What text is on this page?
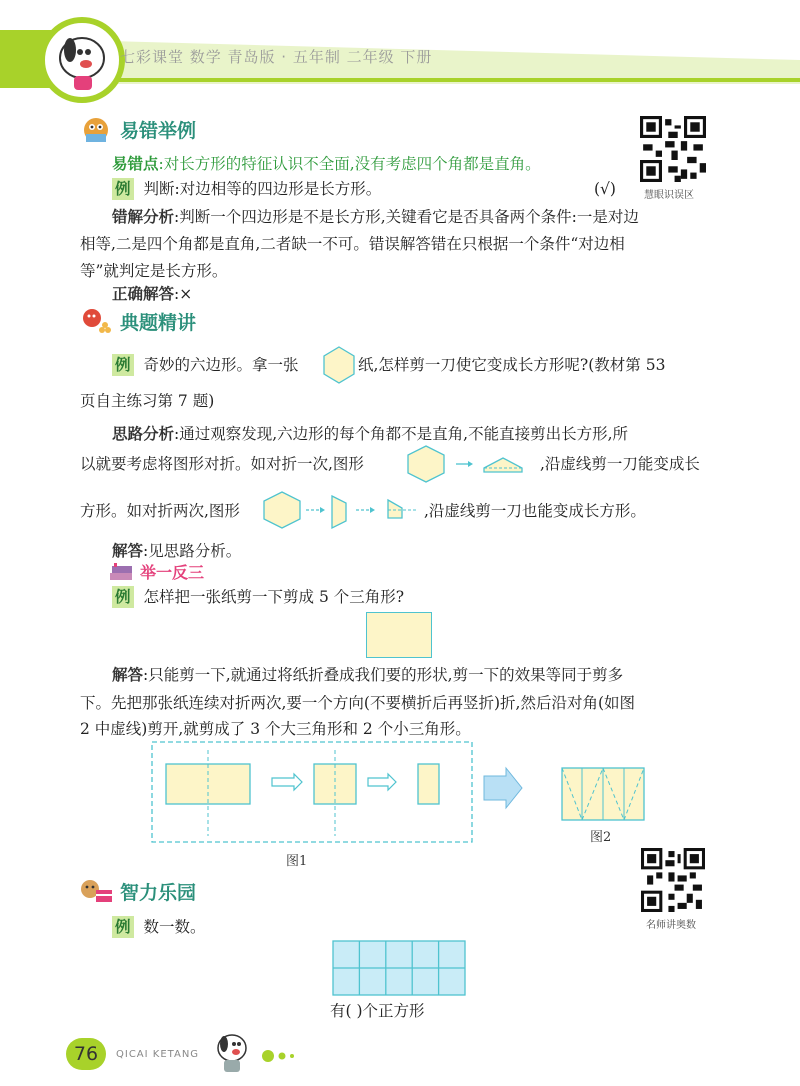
七彩课堂 数学 青岛版 · 五年制 二年级 下册
易错举例
慧眼识误区
易错点:对长方形的特征认识不全面,没有考虑四个角都是直角。
例 判断:对边相等的四边形是长方形。	(√)
错解分析:判断一个四边形是不是长方形,关键看它是否具备两个条件:一是对边
相等,二是四个角都是直角,二者缺一不可。错误解答错在只根据一个条件“对边相
等”就判定是长方形。
正确解答:×
典题精讲
例 奇妙的六边形。拿一张	纸,怎样剪一刀使它变成长方形呢?(教材第 53
页自主练习第 7 题)
思路分析:通过观察发现,六边形的每个角都不是直角,不能直接剪出长方形,所
以就要考虑将图形对折。如对折一次,图形	,沿虚线剪一刀能变成长
方形。如对折两次,图形	,沿虚线剪一刀也能变成长方形。
解答:见思路分析。
举一反三
例 怎样把一张纸剪一下剪成 5 个三角形?
解答:只能剪一下,就通过将纸折叠成我们要的形状,剪一下的效果等同于剪多
下。先把那张纸连续对折两次,要一个方向(不要横折后再竖折)折,然后沿对角(如图
2 中虚线)剪开,就剪成了 3 个大三角形和 2 个小三角形。
图1
图2
名师讲奥数
智力乐园
例 数一数。
有( )个正方形
76	QICAI KETANG
